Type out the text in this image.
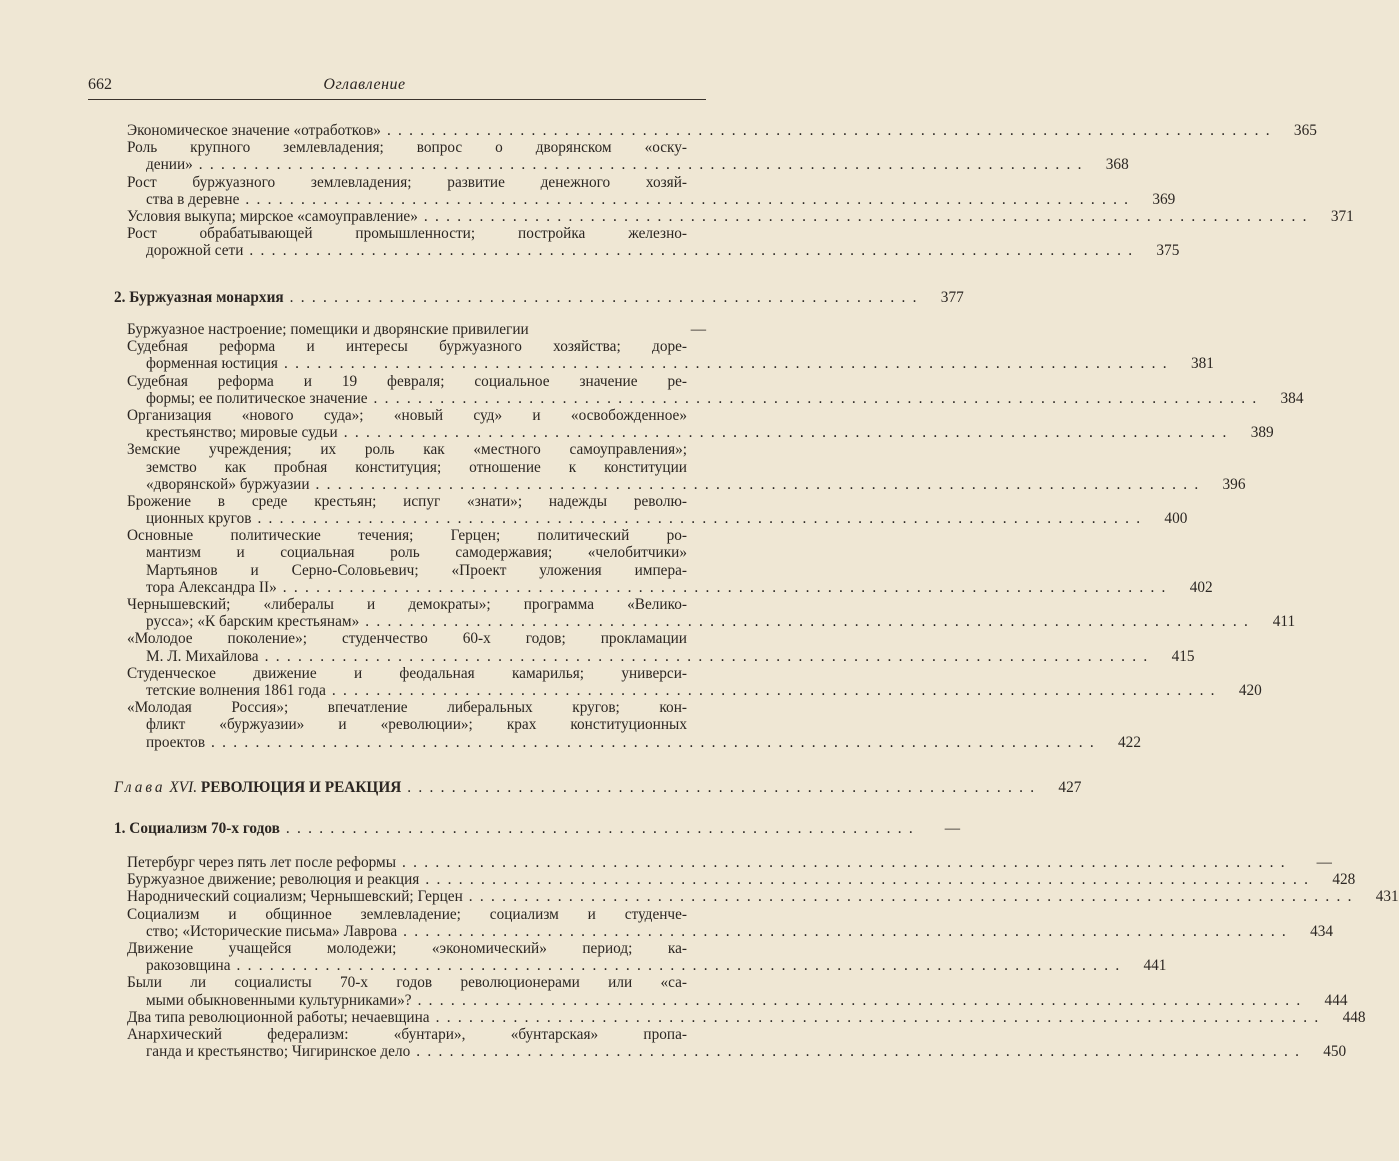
662	Оглавление
Экономическое значение «отработков» ................................................................................	365
Роль крупного землевладения; вопрос о дворянском «оску-
дении» ................................................................................	368
Рост буржуазного землевладения; развитие денежного хозяй-
ства в деревне ................................................................................	369
Условия выкупа; мирское «самоуправление» ................................................................................	371
Рост обрабатывающей промышленности; постройка железно-
дорожной сети ................................................................................	375
2. Буржуазная монархия .........................................................	377
Буржуазное настроение; помещики и дворянские привилегии	—
Судебная реформа и интересы буржуазного хозяйства; доре-
форменная юстиция ................................................................................	381
Судебная реформа и 19 февраля; социальное значение ре-
формы; ее политическое значение ................................................................................	384
Организация «нового суда»; «новый суд» и «освобожденное»
крестьянство; мировые судьи ................................................................................	389
Земские учреждения; их роль как «местного самоуправления»;
земство как пробная конституция; отношение к конституции
«дворянской» буржуазии ................................................................................	396
Брожение в среде крестьян; испуг «знати»; надежды револю-
ционных кругов ................................................................................	400
Основные политические течения; Герцен; политический ро-
мантизм и социальная роль самодержавия; «челобитчики»
Мартьянов и Серно-Соловьевич; «Проект уложения импера-
тора Александра II» ................................................................................	402
Чернышевский; «либералы и демократы»; программа «Велико-
русса»; «К барским крестьянам» ................................................................................	411
«Молодое поколение»; студенчество 60-х годов; прокламации
М. Л. Михайлова ................................................................................	415
Студенческое движение и феодальная камарилья; универси-
тетские волнения 1861 года ................................................................................	420
«Молодая Россия»; впечатление либеральных кругов; кон-
фликт «буржуазии» и «революции»; крах конституционных
проектов ................................................................................	422
Глава XVI. РЕВОЛЮЦИЯ И РЕАКЦИЯ .........................................................	427
1. Социализм 70-х годов .........................................................	—
Петербург через пять лет после реформы ................................................................................	—
Буржуазное движение; революция и реакция ................................................................................	428
Народнический социализм; Чернышевский; Герцен ................................................................................	431
Социализм и общинное землевладение; социализм и студенче-
ство; «Исторические письма» Лаврова ................................................................................	434
Движение учащейся молодежи; «экономический» период; ка-
ракозовщина ................................................................................	441
Были ли социалисты 70-х годов революционерами или «са-
мыми обыкновенными культурниками»? ................................................................................	444
Два типа революционной работы; нечаевщина ................................................................................	448
Анархический федерализм: «бунтари», «бунтарская» пропа-
ганда и крестьянство; Чигиринское дело ................................................................................	450
